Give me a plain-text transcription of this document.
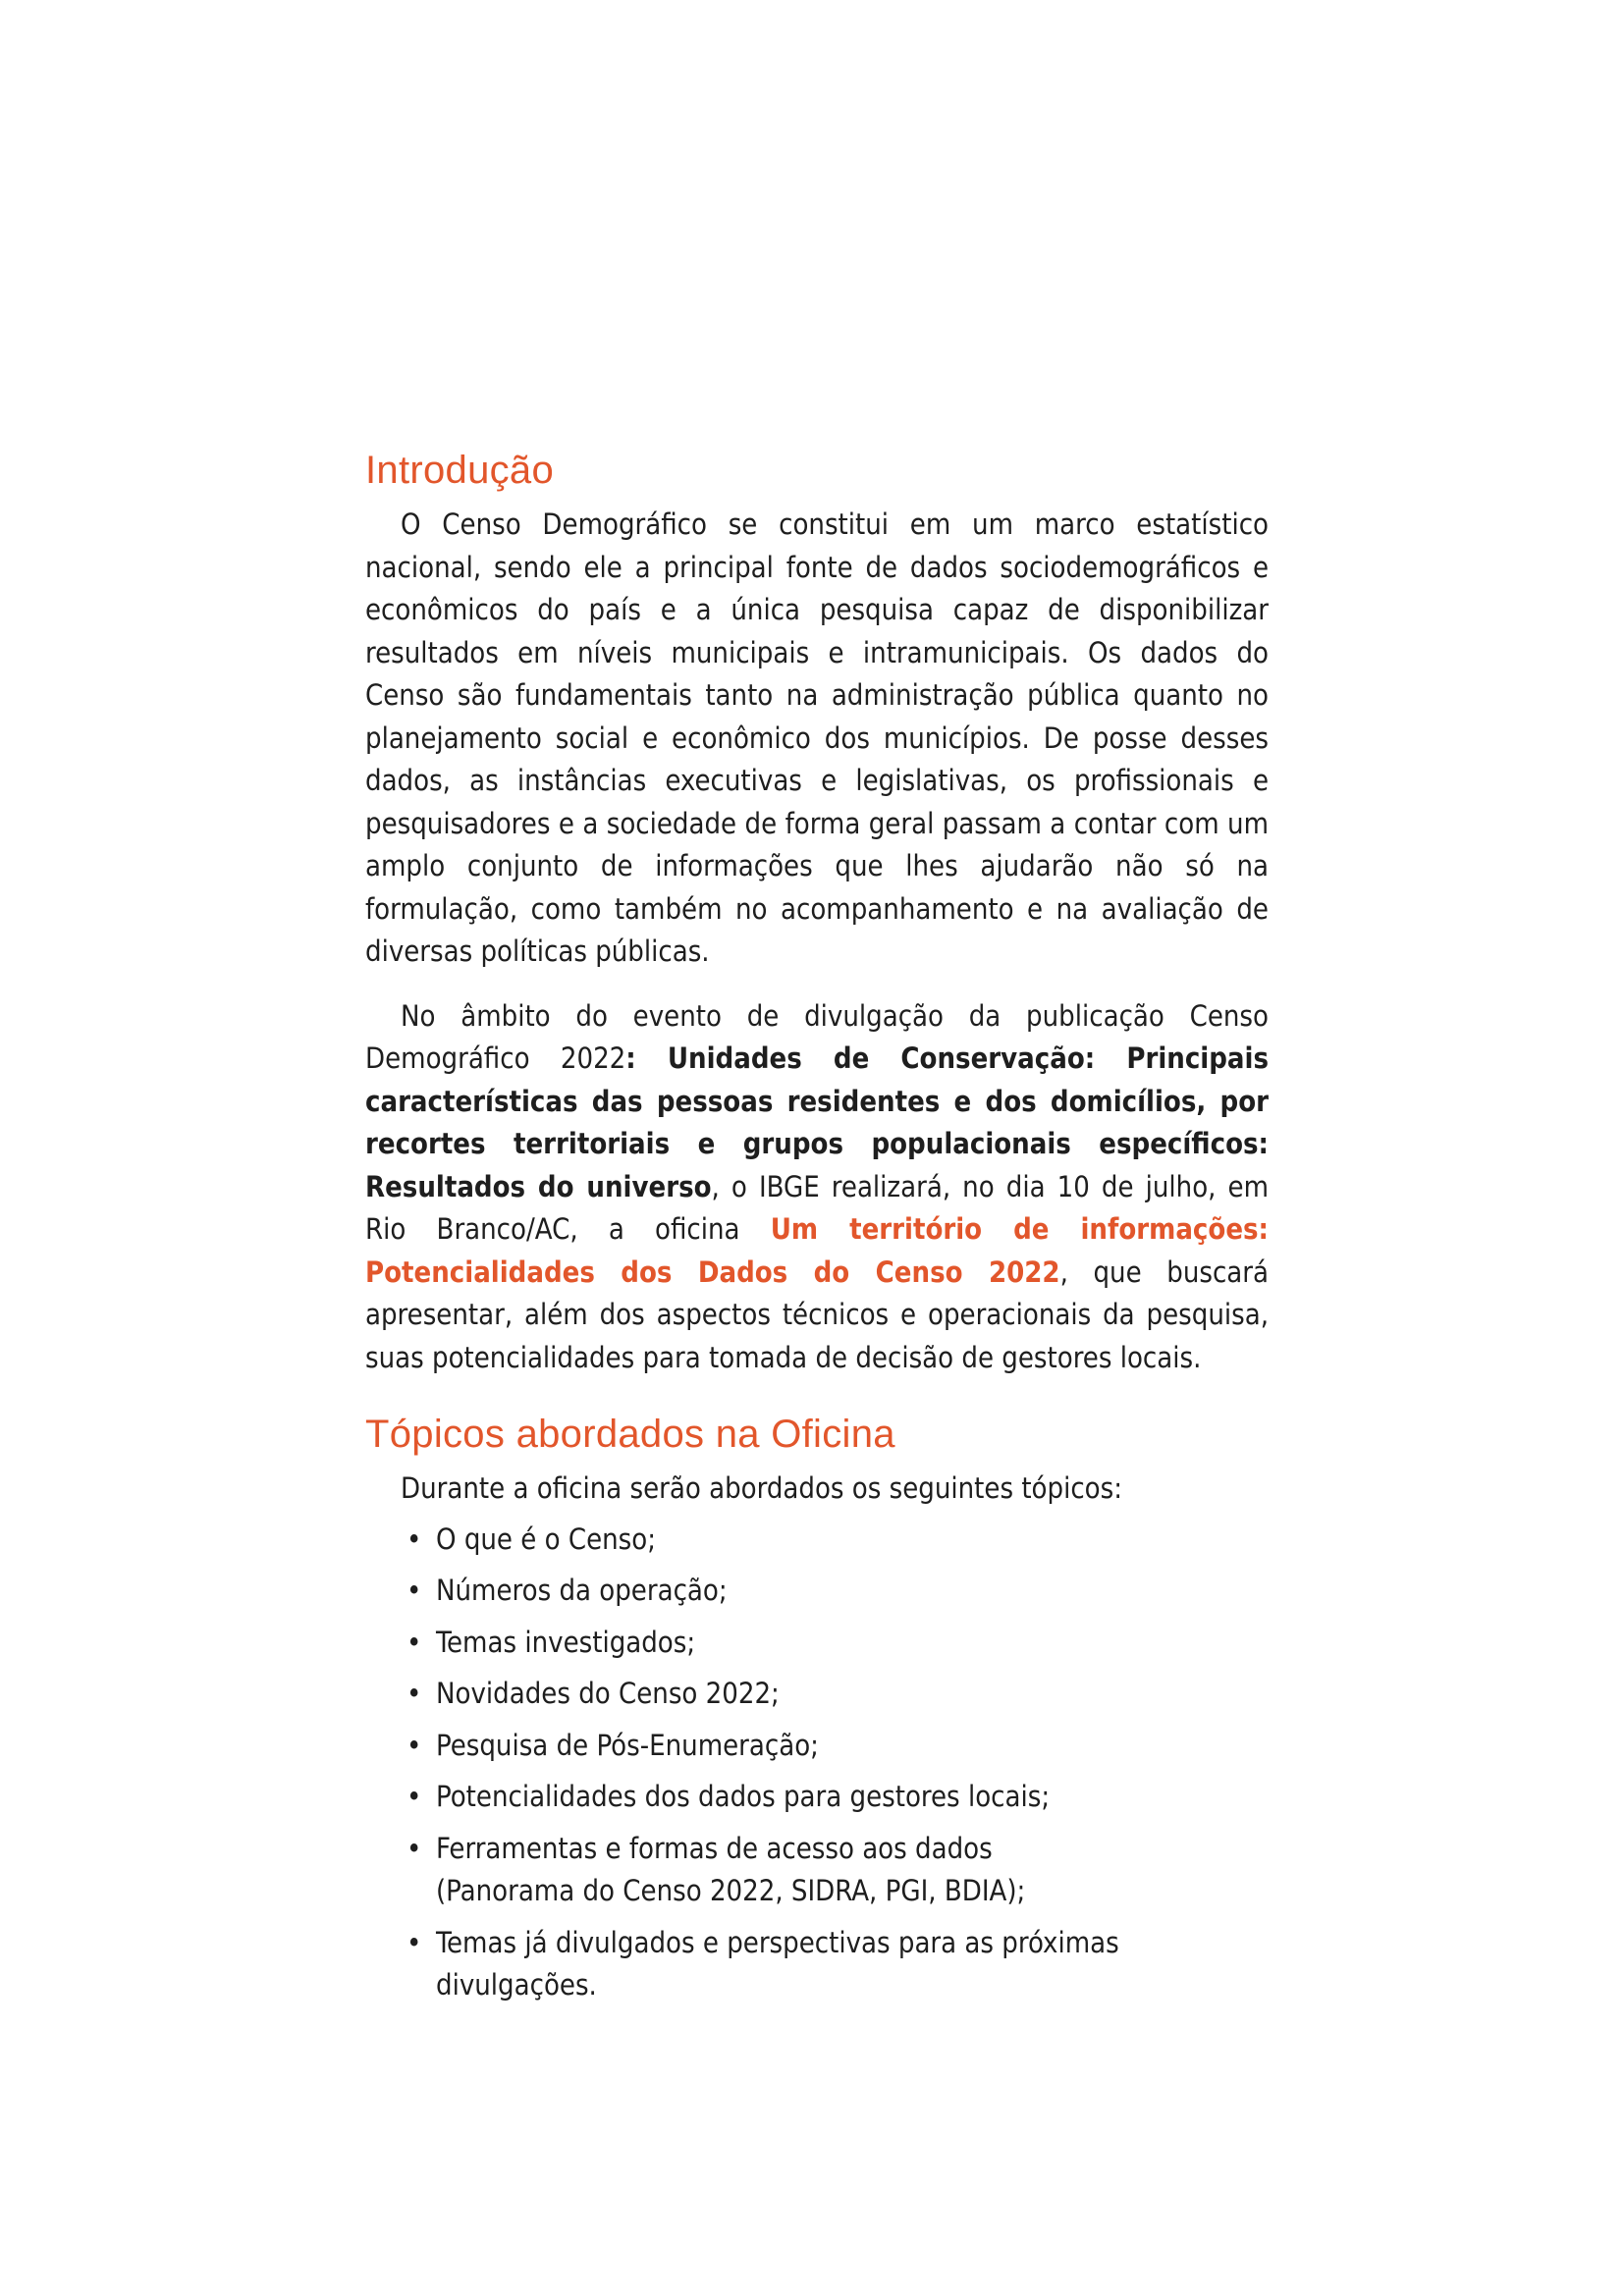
Introdução

O Censo Demográfico se constitui em um marco estatístico nacional, sendo ele a principal fonte de dados sociodemográficos e econômicos do país e a única pesquisa capaz de disponibilizar resultados em níveis municipais e intramunicipais. Os dados do Censo são fundamentais tanto na administração pública quanto no planejamento social e econômico dos municípios. De posse desses dados, as instâncias executivas e legislativas, os profissionais e pesquisadores e a sociedade de forma geral passam a contar com um amplo conjunto de informações que lhes ajudarão não só na formulação, como também no acompanhamento e na avaliação de diversas políticas públicas.

No âmbito do evento de divulgação da publicação Censo Demográfico 2022: Unidades de Conservação: Principais características das pessoas residentes e dos domicílios, por recortes territoriais e grupos populacionais específicos: Resultados do universo, o IBGE realizará, no dia 10 de julho, em Rio Branco/AC, a oficina Um território de informações: Potencialidades dos Dados do Censo 2022, que buscará apresentar, além dos aspectos técnicos e operacionais da pesquisa, suas potencialidades para tomada de decisão de gestores locais.

Tópicos abordados na Oficina

Durante a oficina serão abordados os seguintes tópicos:

• O que é o Censo;
• Números da operação;
• Temas investigados;
• Novidades do Censo 2022;
• Pesquisa de Pós-Enumeração;
• Potencialidades dos dados para gestores locais;
• Ferramentas e formas de acesso aos dados
(Panorama do Censo 2022, SIDRA, PGI, BDIA);
• Temas já divulgados e perspectivas para as próximas divulgações.
